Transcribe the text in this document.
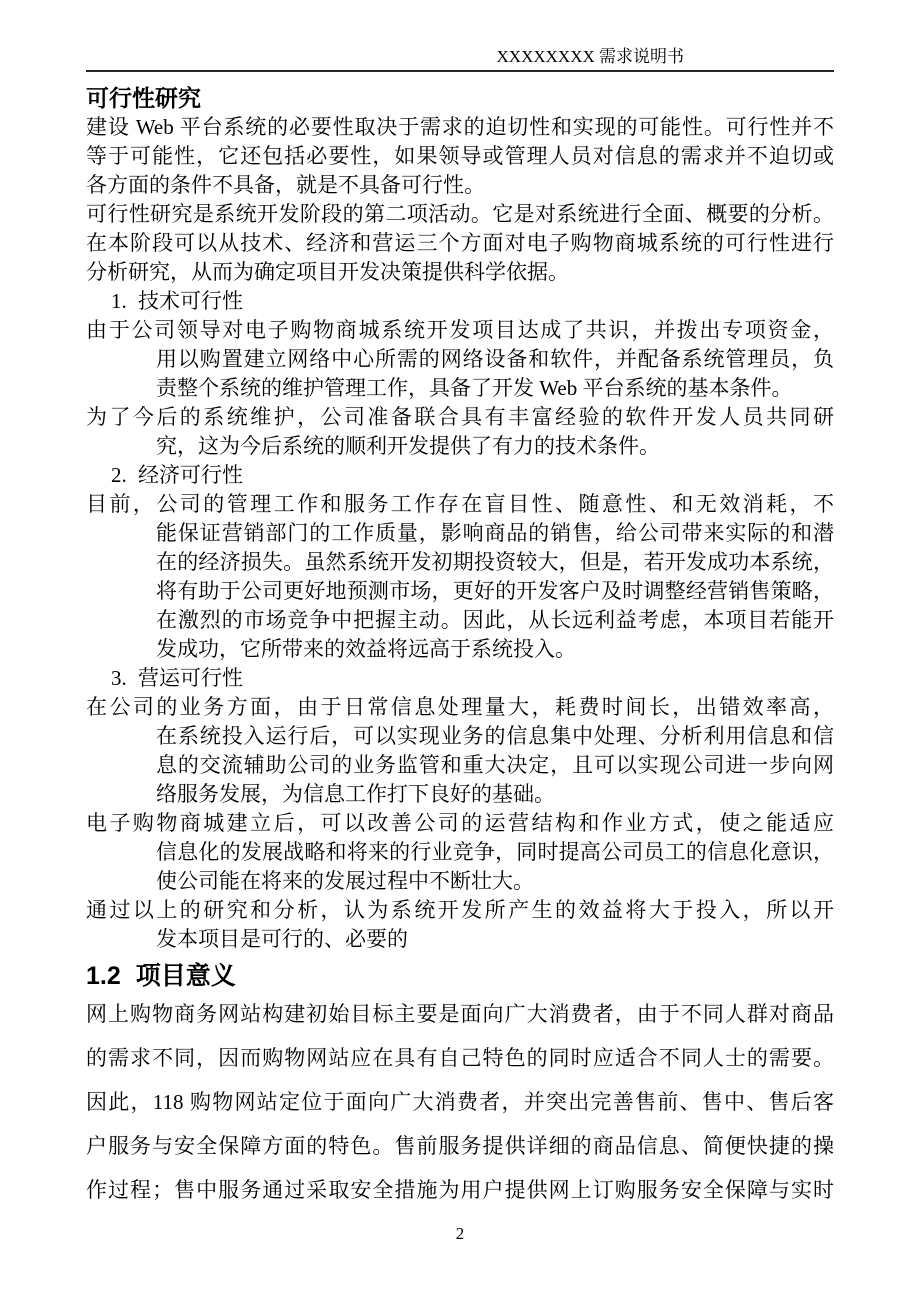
XXXXXXXX 需求说明书
可行性研究
建设 Web 平台系统的必要性取决于需求的迫切性和实现的可能性。可行性并不
等于可能性，它还包括必要性，如果领导或管理人员对信息的需求并不迫切或
各方面的条件不具备，就是不具备可行性。
可行性研究是系统开发阶段的第二项活动。它是对系统进行全面、概要的分析。
在本阶段可以从技术、经济和营运三个方面对电子购物商城系统的可行性进行
分析研究，从而为确定项目开发决策提供科学依据。
1. 技术可行性
由于公司领导对电子购物商城系统开发项目达成了共识，并拨出专项资金，
用以购置建立网络中心所需的网络设备和软件，并配备系统管理员，负
责整个系统的维护管理工作，具备了开发 Web 平台系统的基本条件。
为了今后的系统维护，公司准备联合具有丰富经验的软件开发人员共同研
究，这为今后系统的顺利开发提供了有力的技术条件。
2. 经济可行性
目前，公司的管理工作和服务工作存在盲目性、随意性、和无效消耗，不
能保证营销部门的工作质量，影响商品的销售，给公司带来实际的和潜
在的经济损失。虽然系统开发初期投资较大，但是，若开发成功本系统，
将有助于公司更好地预测市场，更好的开发客户及时调整经营销售策略，
在激烈的市场竞争中把握主动。因此，从长远利益考虑，本项目若能开
发成功，它所带来的效益将远高于系统投入。
3. 营运可行性
在公司的业务方面，由于日常信息处理量大，耗费时间长，出错效率高，
在系统投入运行后，可以实现业务的信息集中处理、分析利用信息和信
息的交流辅助公司的业务监管和重大决定，且可以实现公司进一步向网
络服务发展，为信息工作打下良好的基础。
电子购物商城建立后，可以改善公司的运营结构和作业方式，使之能适应
信息化的发展战略和将来的行业竞争，同时提高公司员工的信息化意识，
使公司能在将来的发展过程中不断壮大。
通过以上的研究和分析，认为系统开发所产生的效益将大于投入，所以开
发本项目是可行的、必要的
1.2 项目意义
网上购物商务网站构建初始目标主要是面向广大消费者，由于不同人群对商品
的需求不同，因而购物网站应在具有自己特色的同时应适合不同人士的需要。
因此，118 购物网站定位于面向广大消费者，并突出完善售前、售中、售后客
户服务与安全保障方面的特色。售前服务提供详细的商品信息、简便快捷的操
作过程；售中服务通过采取安全措施为用户提供网上订购服务安全保障与实时
2
